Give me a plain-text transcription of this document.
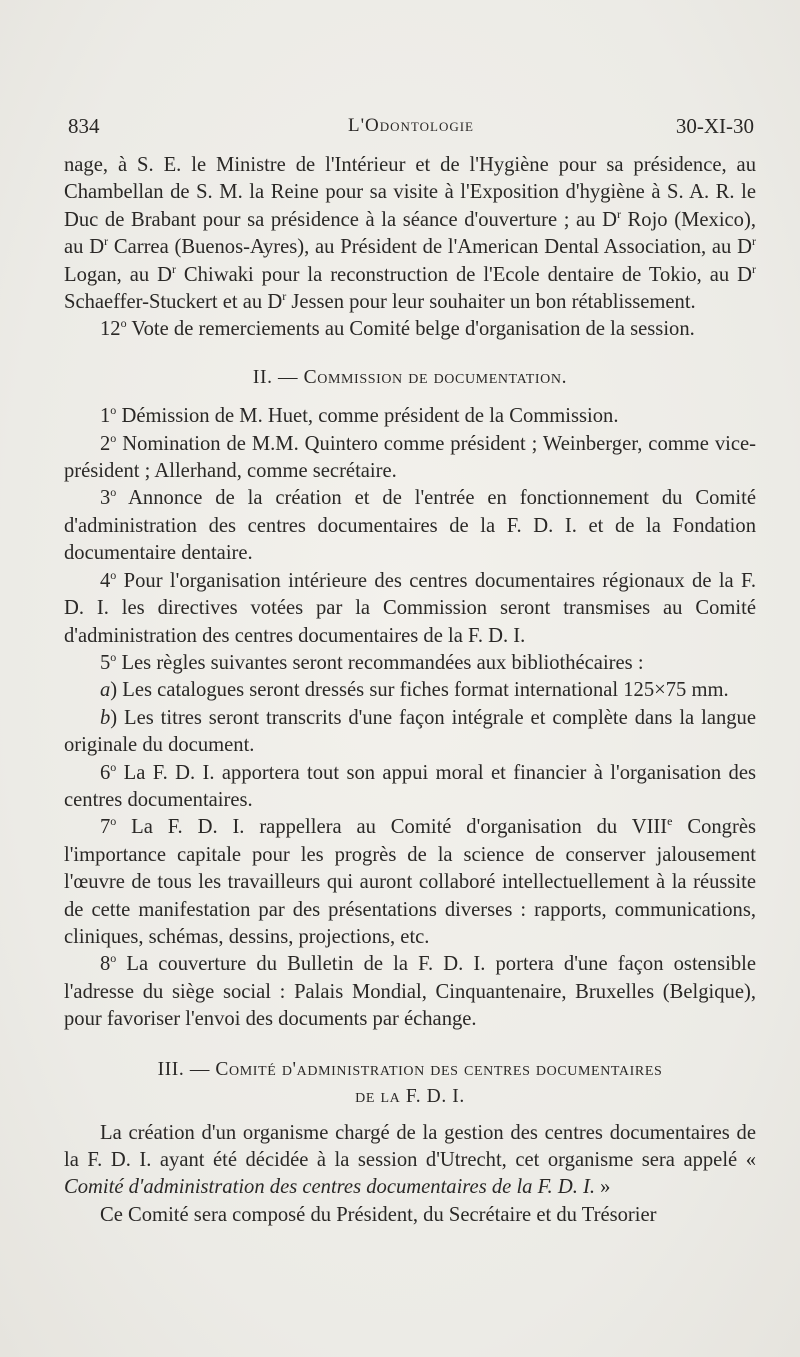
834	L'Odontologie	30-XI-30

nage, à S. E. le Ministre de l'Intérieur et de l'Hygiène pour sa présidence, au Chambellan de S. M. la Reine pour sa visite à l'Exposition d'hygiène à S. A. R. le Duc de Brabant pour sa présidence à la séance d'ouverture ; au $D^r$ Rojo (Mexico), au $D^r$ Carrea (Buenos-Ayres), au Président de l'American Dental Association, au $D^r$ Logan, au $D^r$ Chiwaki pour la reconstruction de l'Ecole dentaire de Tokio, au $D^r$ Schaeffer-Stuckert et au $D^r$ Jessen pour leur souhaiter un bon rétablissement.

12$^o$ Vote de remerciements au Comité belge d'organisation de la session.

II. — Commission de documentation.

1$^o$ Démission de M. Huet, comme président de la Commission.

2$^o$ Nomination de M.M. Quintero comme président ; Weinberger, comme vice-président ; Allerhand, comme secrétaire.

3$^o$ Annonce de la création et de l'entrée en fonctionnement du Comité d'administration des centres documentaires de la F. D. I. et de la Fondation documentaire dentaire.

4$^o$ Pour l'organisation intérieure des centres documentaires régionaux de la F. D. I. les directives votées par la Commission seront transmises au Comité d'administration des centres documentaires de la F. D. I.

5$^o$ Les règles suivantes seront recommandées aux bibliothécaires :

a) Les catalogues seront dressés sur fiches format international 125×75 mm.

b) Les titres seront transcrits d'une façon intégrale et complète dans la langue originale du document.

6$^o$ La F. D. I. apportera tout son appui moral et financier à l'organisation des centres documentaires.

7$^o$ La F. D. I. rappellera au Comité d'organisation du VIIIe Congrès l'importance capitale pour les progrès de la science de conserver jalousement l'œuvre de tous les travailleurs qui auront collaboré intellectuellement à la réussite de cette manifestation par des présentations diverses : rapports, communications, cliniques, schémas, dessins, projections, etc.

8$^o$ La couverture du Bulletin de la F. D. I. portera d'une façon ostensible l'adresse du siège social : Palais Mondial, Cinquantenaire, Bruxelles (Belgique), pour favoriser l'envoi des documents par échange.

III. — Comité d'administration des centres documentaires
de la F. D. I.

La création d'un organisme chargé de la gestion des centres documentaires de la F. D. I. ayant été décidée à la session d'Utrecht, cet organisme sera appelé « Comité d'administration des centres documentaires de la F. D. I. »

Ce Comité sera composé du Président, du Secrétaire et du Trésorier
